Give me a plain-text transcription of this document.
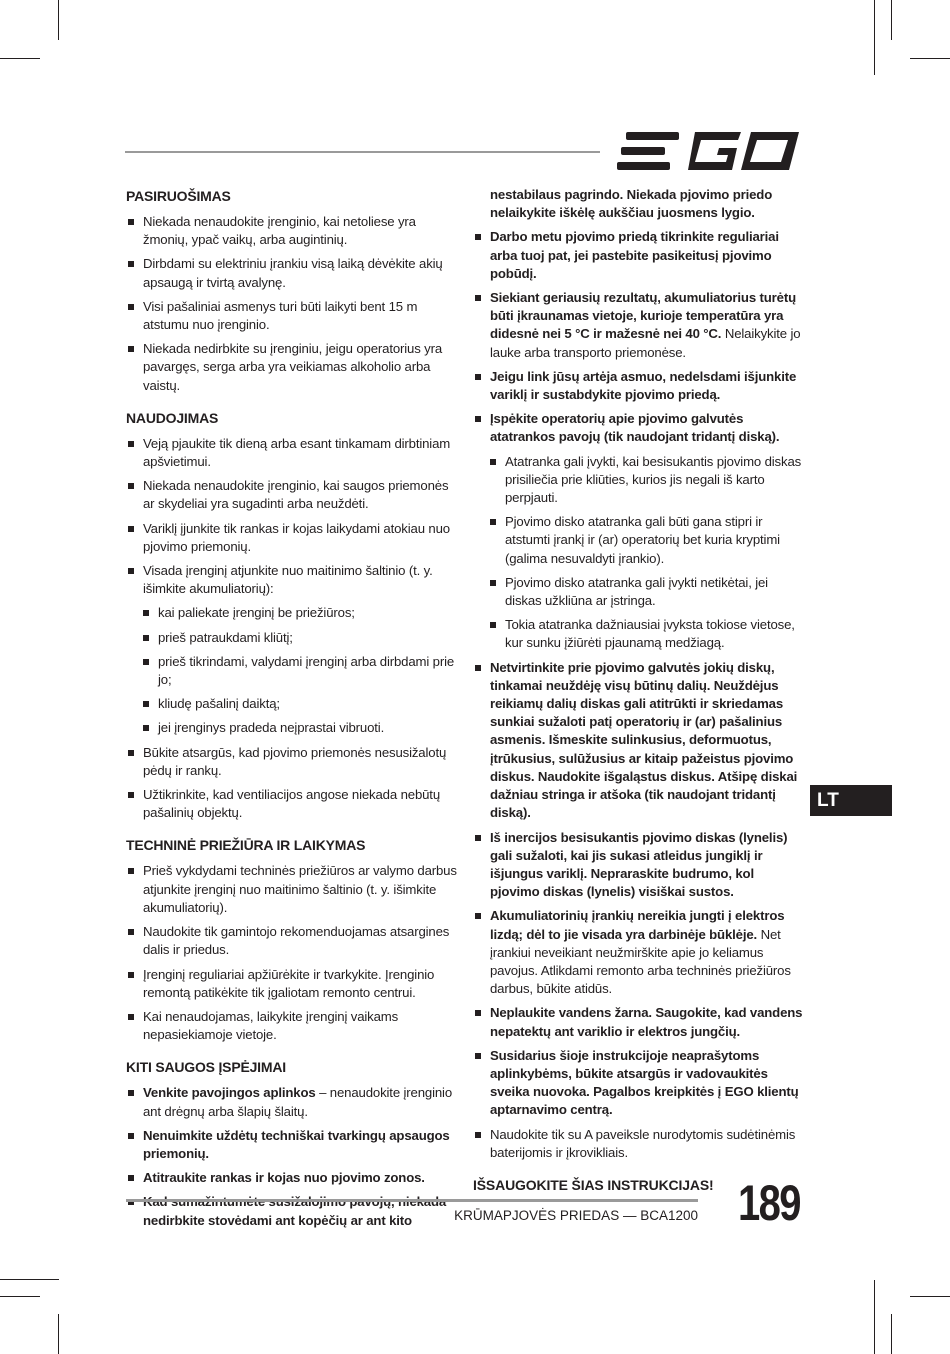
PASIRUOŠIMAS
Niekada nenaudokite įrenginio, kai netoliese yra žmonių, ypač vaikų, arba augintinių.
Dirbdami su elektriniu įrankiu visą laiką dėvėkite akių apsaugą ir tvirtą avalynę.
Visi pašaliniai asmenys turi būti laikyti bent 15 m atstumu nuo įrenginio.
Niekada nedirbkite su įrenginiu, jeigu operatorius yra pavargęs, serga arba yra veikiamas alkoholio arba vaistų.
NAUDOJIMAS
Veją pjaukite tik dieną arba esant tinkamam dirbtiniam apšvietimui.
Niekada nenaudokite įrenginio, kai saugos priemonės ar skydeliai yra sugadinti arba neuždėti.
Variklį įjunkite tik rankas ir kojas laikydami atokiau nuo pjovimo priemonių.
Visada įrenginį atjunkite nuo maitinimo šaltinio (t. y. išimkite akumuliatorių):
kai paliekate įrenginį be priežiūros;
prieš patraukdami kliūtį;
prieš tikrindami, valydami įrenginį arba dirbdami prie jo;
kliudę pašalinį daiktą;
jei įrenginys pradeda neįprastai vibruoti.
Būkite atsargūs, kad pjovimo priemonės nesusižalotų pėdų ir rankų.
Užtikrinkite, kad ventiliacijos angose niekada nebūtų pašalinių objektų.
TECHNINĖ PRIEŽIŪRA IR LAIKYMAS
Prieš vykdydami techninės priežiūros ar valymo darbus atjunkite įrenginį nuo maitinimo šaltinio (t. y. išimkite akumuliatorių).
Naudokite tik gamintojo rekomenduojamas atsargines dalis ir priedus.
Įrenginį reguliariai apžiūrėkite ir tvarkykite. Įrenginio remontą patikėkite tik įgaliotam remonto centrui.
Kai nenaudojamas, laikykite įrenginį vaikams nepasiekiamoje vietoje.
KITI SAUGOS ĮSPĖJIMAI
Venkite pavojingos aplinkos – nenaudokite įrenginio ant drėgnų arba šlapių šlaitų.
Nenuimkite uždėtų techniškai tvarkingų apsaugos priemonių.
Atitraukite rankas ir kojas nuo pjovimo zonos.
nedirbkite stovėdami ant kopėčių ar ant kito
nestabilaus pagrindo. Niekada pjovimo priedo nelaikykite iškėlę aukščiau juosmens lygio.
Darbo metu pjovimo priedą tikrinkite reguliariai arba tuoj pat, jei pastebite pasikeitusį pjovimo pobūdį.
Siekiant geriausių rezultatų, akumuliatorius turėtų būti įkraunamas vietoje, kurioje temperatūra yra didesnė nei 5 °C ir mažesnė nei 40 °C. Nelaikykite jo lauke arba transporto priemonėse.
Jeigu link jūsų artėja asmuo, nedelsdami išjunkite variklį ir sustabdykite pjovimo priedą.
Įspėkite operatorių apie pjovimo galvutės atatrankos pavojų (tik naudojant tridantį diską).
Atatranka gali įvykti, kai besisukantis pjovimo diskas prisiliečia prie kliūties, kurios jis negali iš karto perpjauti.
Pjovimo disko atatranka gali būti gana stipri ir atstumti įrankį ir (ar) operatorių bet kuria kryptimi (galima nesuvaldyti įrankio).
Pjovimo disko atatranka gali įvykti netikėtai, jei diskas užkliūna ar įstringa.
Tokia atatranka dažniausiai įvyksta tokiose vietose, kur sunku įžiūrėti pjaunamą medžiagą.
Netvirtinkite prie pjovimo galvutės jokių diskų, tinkamai neuždėję visų būtinų dalių. Neuždėjus reikiamų dalių diskas gali atitrūkti ir skriedamas sunkiai sužaloti patį operatorių ir (ar) pašalinius asmenis. Išmeskite sulinkusius, deformuotus, įtrūkusius, sulūžusius ar kitaip pažeistus pjovimo diskus. Naudokite išgaląstus diskus. Atšipę diskai dažniau stringa ir atšoka (tik naudojant tridantį diską).
Iš inercijos besisukantis pjovimo diskas (lynelis) gali sužaloti, kai jis sukasi atleidus jungiklį ir išjungus variklį. Nepraraskite budrumo, kol pjovimo diskas (lynelis) visiškai sustos.
Akumuliatorinių įrankių nereikia jungti į elektros lizdą; dėl to jie visada yra darbinėje būklėje. Net įrankiui neveikiant neužmirškite apie jo keliamus pavojus. Atlikdami remonto arba techninės priežiūros darbus, būkite atidūs.
Neplaukite vandens žarna. Saugokite, kad vandens nepatektų ant variklio ir elektros jungčių.
Susidarius šioje instrukcijoje neaprašytoms aplinkybėms, būkite atsargūs ir vadovaukitės sveika nuovoka. Pagalbos kreipkitės į EGO klientų aptarnavimo centrą.
Naudokite tik su A paveiksle nurodytomis sudėtinėmis baterijomis ir įkrovikliais.
IŠSAUGOKITE ŠIAS INSTRUKCIJAS!
LT
KRŪMAPJOVĖS PRIEDAS — BCA1200 189
